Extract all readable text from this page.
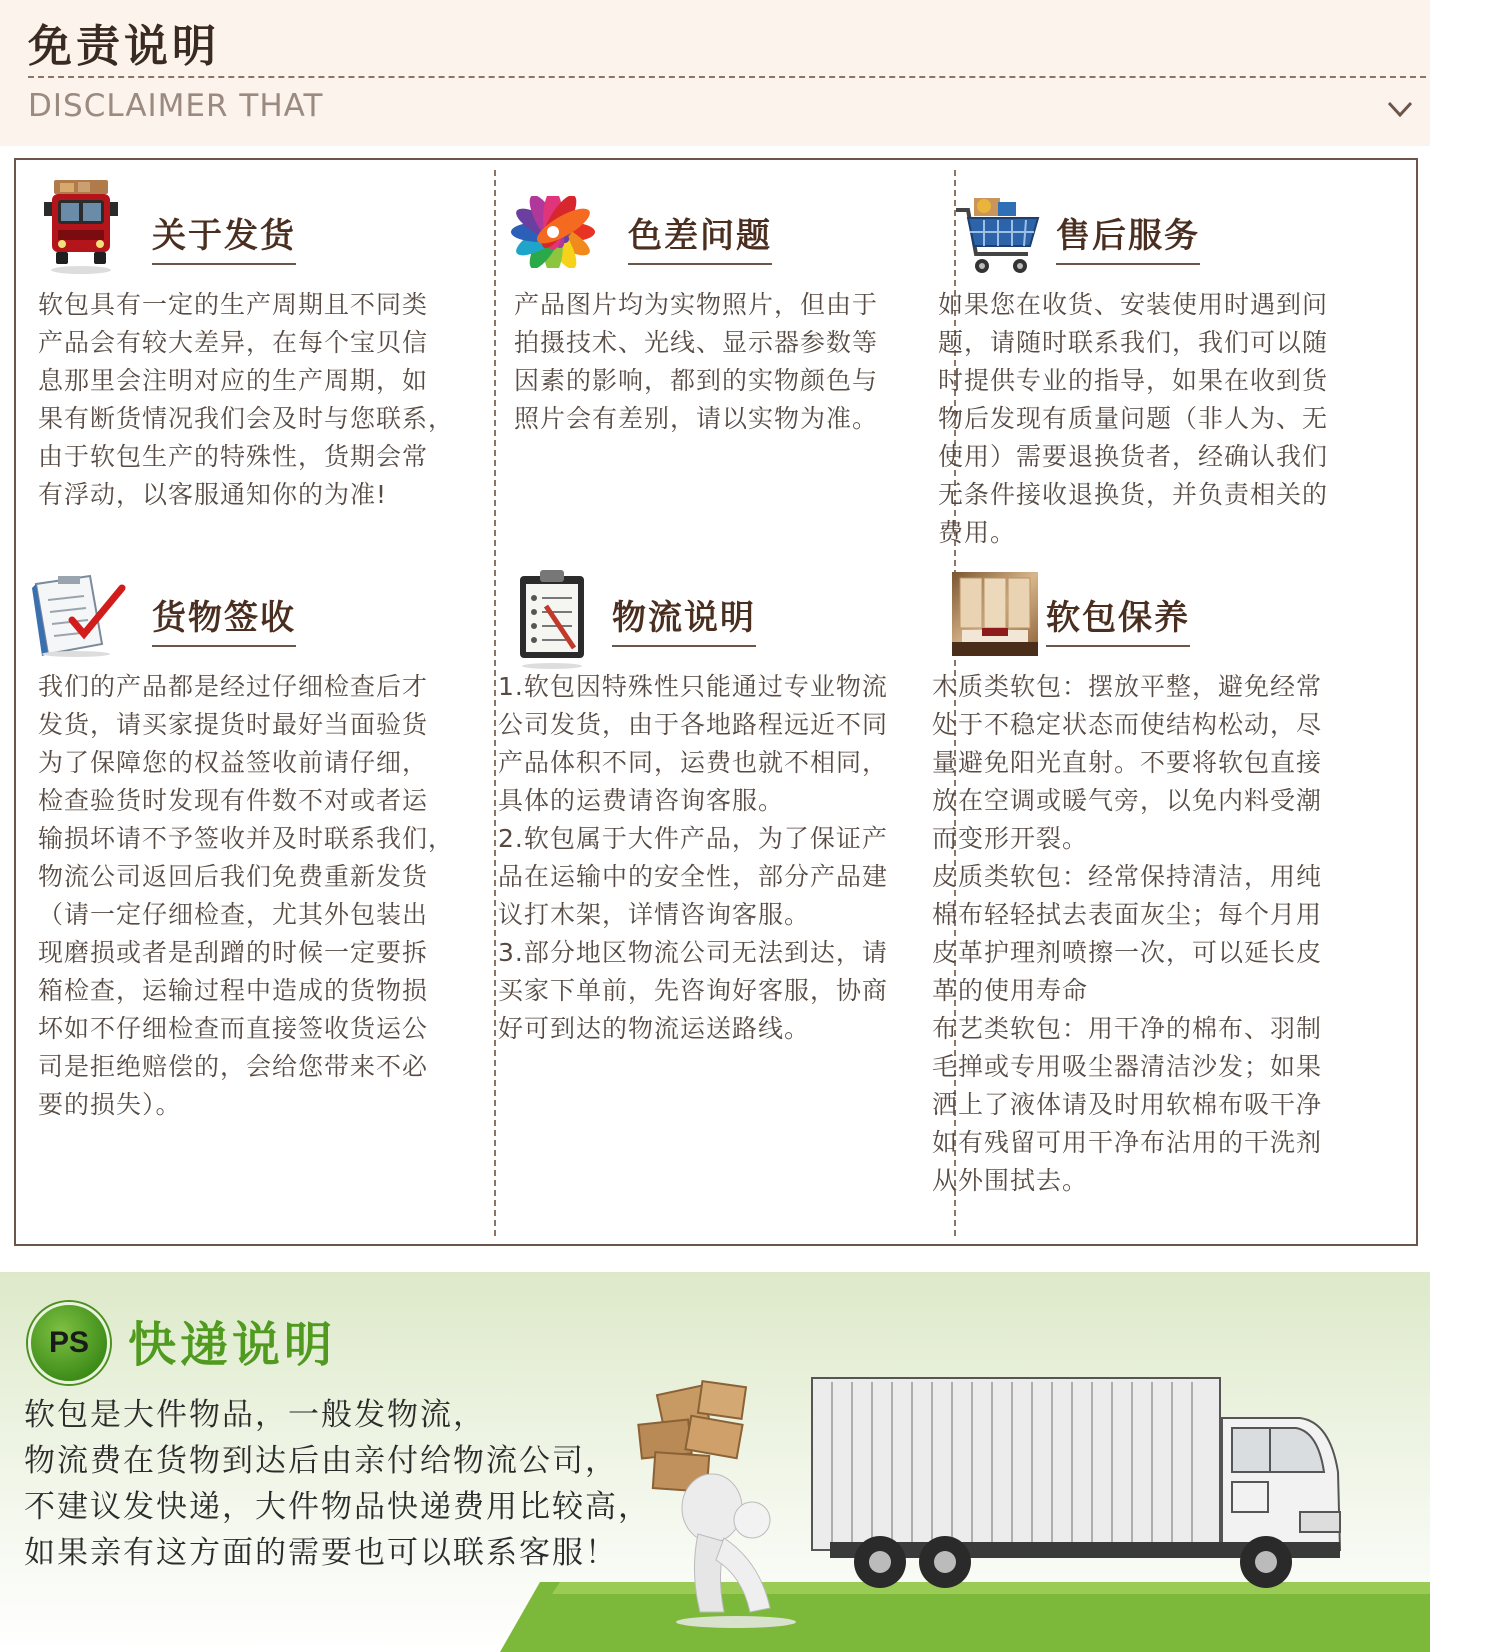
免责说明
DISCLAIMER THAT
关于发货

软包具有一定的生产周期且不同类

产品会有较大差异，在每个宝贝信

息那里会注明对应的生产周期，如

果有断货情况我们会及时与您联系，

由于软包生产的特殊性，货期会常

有浮动，以客服通知你的为准!

色差问题

产品图片均为实物照片，但由于

拍摄技术、光线、显示器参数等

因素的影响，都到的实物颜色与

照片会有差别，请以实物为准。

售后服务

如果您在收货、安装使用时遇到问

题，请随时联系我们，我们可以随

时提供专业的指导，如果在收到货

物后发现有质量问题（非人为、无

使用）需要退换货者，经确认我们

无条件接收退换货，并负责相关的

费用。

货物签收

我们的产品都是经过仔细检查后才

发货，请买家提货时最好当面验货

为了保障您的权益签收前请仔细，

检查验货时发现有件数不对或者运

输损坏请不予签收并及时联系我们，

物流公司返回后我们免费重新发货

（请一定仔细检查，尤其外包装出

现磨损或者是刮蹭的时候一定要拆

箱检查，运输过程中造成的货物损

坏如不仔细检查而直接签收货运公

司是拒绝赔偿的，会给您带来不必

要的损失）。

物流说明

1.软包因特殊性只能通过专业物流

公司发货，由于各地路程远近不同

产品体积不同，运费也就不相同，

具体的运费请咨询客服。

2.软包属于大件产品，为了保证产

品在运输中的安全性，部分产品建

议打木架，详情咨询客服。

3.部分地区物流公司无法到达，请

买家下单前，先咨询好客服，协商

好可到达的物流运送路线。

软包保养

木质类软包：摆放平整，避免经常

处于不稳定状态而使结构松动，尽

量避免阳光直射。不要将软包直接

放在空调或暖气旁，以免内料受潮

而变形开裂。

皮质类软包：经常保持清洁，用纯

棉布轻轻拭去表面灰尘；每个月用

皮革护理剂喷擦一次，可以延长皮

革的使用寿命

布艺类软包：用干净的棉布、羽制

毛掸或专用吸尘器清洁沙发；如果

洒上了液体请及时用软棉布吸干净

如有残留可用干净布沾用的干洗剂

从外围拭去。

PS 快递说明

软包是大件物品，一般发物流，

物流费在货物到达后由亲付给物流公司，

不建议发快递，大件物品快递费用比较高，

如果亲有这方面的需要也可以联系客服！
